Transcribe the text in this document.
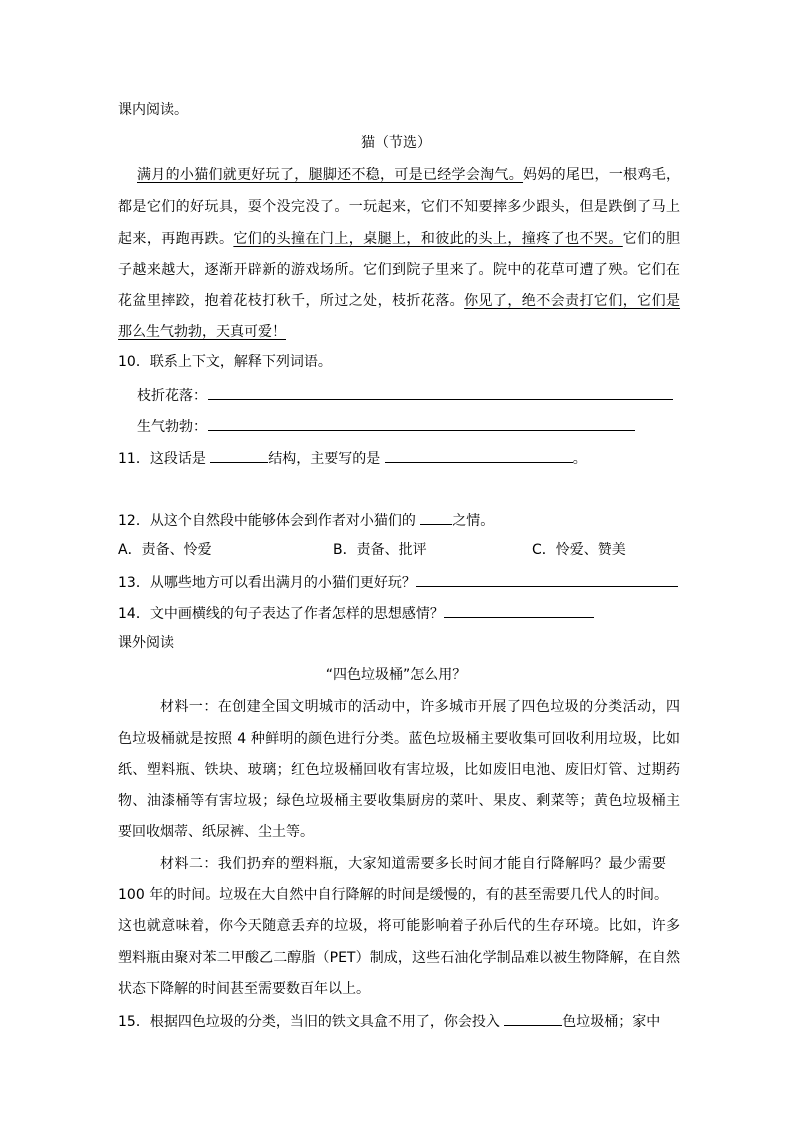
课内阅读。
猫（节选）
满月的小猫们就更好玩了，腿脚还不稳，可是已经学会淘气。妈妈的尾巴，一根鸡毛，
都是它们的好玩具，耍个没完没了。一玩起来，它们不知要摔多少跟头，但是跌倒了马上
起来，再跑再跌。它们的头撞在门上，桌腿上，和彼此的头上，撞疼了也不哭。它们的胆
子越来越大，逐渐开辟新的游戏场所。它们到院子里来了。院中的花草可遭了殃。它们在
花盆里摔跤，抱着花枝打秋千，所过之处，枝折花落。你见了，绝不会责打它们，它们是
那么生气勃勃，天真可爱！
10．联系上下文，解释下列词语。
枝折花落：
生气勃勃：
11．这段话是	结构，主要写的是	。
12．从这个自然段中能够体会到作者对小猫们的	之情。
A．责备、怜爱	B．责备、批评	C．怜爱、赞美
13．从哪些地方可以看出满月的小猫们更好玩？
14．文中画横线的句子表达了作者怎样的思想感情？
课外阅读
“四色垃圾桶”怎么用？
材料一：在创建全国文明城市的活动中，许多城市开展了四色垃圾的分类活动，四
色垃圾桶就是按照 4 种鲜明的颜色进行分类。蓝色垃圾桶主要收集可回收利用垃圾，比如
纸、塑料瓶、铁块、玻璃；红色垃圾桶回收有害垃圾，比如废旧电池、废旧灯管、过期药
物、油漆桶等有害垃圾；绿色垃圾桶主要收集厨房的菜叶、果皮、剩菜等；黄色垃圾桶主
要回收烟蒂、纸尿裤、尘土等。
材料二：我们扔弃的塑料瓶，大家知道需要多长时间才能自行降解吗？最少需要
100 年的时间。垃圾在大自然中自行降解的时间是缓慢的，有的甚至需要几代人的时间。
这也就意味着，你今天随意丢弃的垃圾，将可能影响着子孙后代的生存环境。比如，许多
塑料瓶由聚对苯二甲酸乙二醇脂（PET）制成，这些石油化学制品难以被生物降解，在自然
状态下降解的时间甚至需要数百年以上。
15．根据四色垃圾的分类，当旧的铁文具盒不用了，你会投入	色垃圾桶；家中
